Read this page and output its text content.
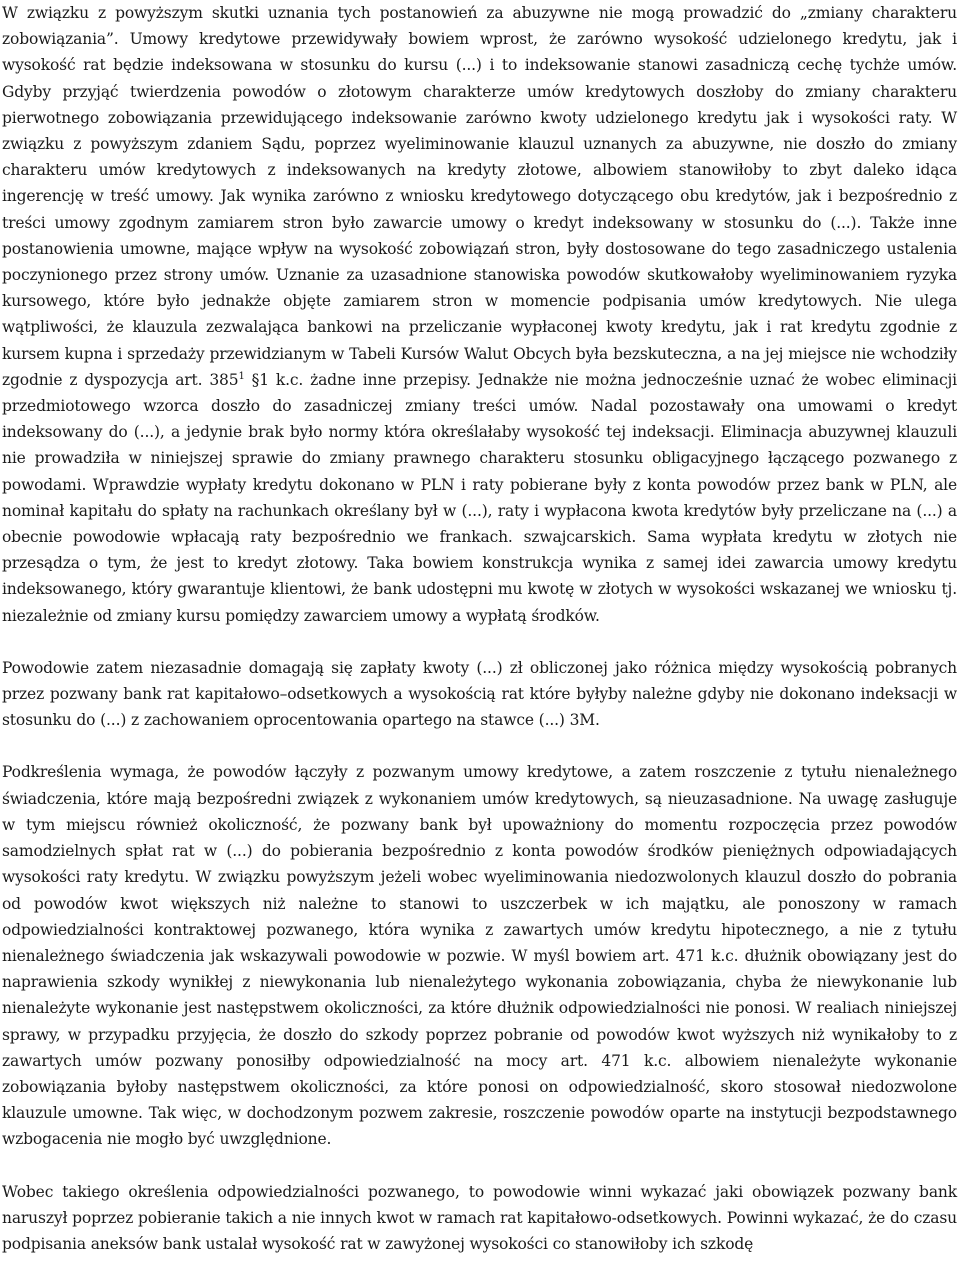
W związku z powyższym skutki uznania tych postanowień za abuzywne nie mogą prowadzić do „zmiany charakteru zobowiązania”. Umowy kredytowe przewidywały bowiem wprost, że zarówno wysokość udzielonego kredytu, jak i wysokość rat będzie indeksowana w stosunku do kursu (...) i to indeksowanie stanowi zasadniczą cechę tychże umów. Gdyby przyjąć twierdzenia powodów o złotowym charakterze umów kredytowych doszłoby do zmiany charakteru pierwotnego zobowiązania przewidującego indeksowanie zarówno kwoty udzielonego kredytu jak i wysokości raty. W związku z powyższym zdaniem Sądu, poprzez wyeliminowanie klauzul uznanych za abuzywne, nie doszło do zmiany charakteru umów kredytowych z indeksowanych na kredyty złotowe, albowiem stanowiłoby to zbyt daleko idąca ingerencję w treść umowy. Jak wynika zarówno z wniosku kredytowego dotyczącego obu kredytów, jak i bezpośrednio z treści umowy zgodnym zamiarem stron było zawarcie umowy o kredyt indeksowany w stosunku do (...). Także inne postanowienia umowne, mające wpływ na wysokość zobowiązań stron, były dostosowane do tego zasadniczego ustalenia poczynionego przez strony umów. Uznanie za uzasadnione stanowiska powodów skutkowałoby wyeliminowaniem ryzyka kursowego, które było jednakże objęte zamiarem stron w momencie podpisania umów kredytowych. Nie ulega wątpliwości, że klauzula zezwalająca bankowi na przeliczanie wypłaconej kwoty kredytu, jak i rat kredytu zgodnie z kursem kupna i sprzedaży przewidzianym w Tabeli Kursów Walut Obcych była bezskuteczna, a na jej miejsce nie wchodziły zgodnie z dyspozycja art. $385^1$ §1 k.c. żadne inne przepisy. Jednakże nie można jednocześnie uznać że wobec eliminacji przedmiotowego wzorca doszło do zasadniczej zmiany treści umów. Nadal pozostawały ona umowami o kredyt indeksowany do (...), a jedynie brak było normy która określałaby wysokość tej indeksacji. Eliminacja abuzywnej klauzuli nie prowadziła w niniejszej sprawie do zmiany prawnego charakteru stosunku obligacyjnego łączącego pozwanego z powodami. Wprawdzie wypłaty kredytu dokonano w PLN i raty pobierane były z konta powodów przez bank w PLN, ale nominał kapitału do spłaty na rachunkach określany był w (...), raty i wypłacona kwota kredytów były przeliczane na (...) a obecnie powodowie wpłacają raty bezpośrednio we frankach. szwajcarskich. Sama wypłata kredytu w złotych nie przesądza o tym, że jest to kredyt złotowy. Taka bowiem konstrukcja wynika z samej idei zawarcia umowy kredytu indeksowanego, który gwarantuje klientowi, że bank udostępni mu kwotę w złotych w wysokości wskazanej we wniosku tj. niezależnie od zmiany kursu pomiędzy zawarciem umowy a wypłatą środków.

Powodowie zatem niezasadnie domagają się zapłaty kwoty (...) zł obliczonej jako różnica między wysokością pobranych przez pozwany bank rat kapitałowo–odsetkowych a wysokością rat które byłyby należne gdyby nie dokonano indeksacji w stosunku do (...) z zachowaniem oprocentowania opartego na stawce (...) 3M.

Podkreślenia wymaga, że powodów łączyły z pozwanym umowy kredytowe, a zatem roszczenie z tytułu nienależnego świadczenia, które mają bezpośredni związek z wykonaniem umów kredytowych, są nieuzasadnione. Na uwagę zasługuje w tym miejscu również okoliczność, że pozwany bank był upoważniony do momentu rozpoczęcia przez powodów samodzielnych spłat rat w (...) do pobierania bezpośrednio z konta powodów środków pieniężnych odpowiadających wysokości raty kredytu. W związku powyższym jeżeli wobec wyeliminowania niedozwolonych klauzul doszło do pobrania od powodów kwot większych niż należne to stanowi to uszczerbek w ich majątku, ale ponoszony w ramach odpowiedzialności kontraktowej pozwanego, która wynika z zawartych umów kredytu hipotecznego, a nie z tytułu nienależnego świadczenia jak wskazywali powodowie w pozwie. W myśl bowiem art. 471 k.c. dłużnik obowiązany jest do naprawienia szkody wynikłej z niewykonania lub nienależytego wykonania zobowiązania, chyba że niewykonanie lub nienależyte wykonanie jest następstwem okoliczności, za które dłużnik odpowiedzialności nie ponosi. W realiach niniejszej sprawy, w przypadku przyjęcia, że doszło do szkody poprzez pobranie od powodów kwot wyższych niż wynikałoby to z zawartych umów pozwany ponosiłby odpowiedzialność na mocy art. 471 k.c. albowiem nienależyte wykonanie zobowiązania byłoby następstwem okoliczności, za które ponosi on odpowiedzialność, skoro stosował niedozwolone klauzule umowne. Tak więc, w dochodzonym pozwem zakresie, roszczenie powodów oparte na instytucji bezpodstawnego wzbogacenia nie mogło być uwzględnione.

Wobec takiego określenia odpowiedzialności pozwanego, to powodowie winni wykazać jaki obowiązek pozwany bank naruszył poprzez pobieranie takich a nie innych kwot w ramach rat kapitałowo-odsetkowych. Powinni wykazać, że do czasu podpisania aneksów bank ustalał wysokość rat w zawyżonej wysokości co stanowiłoby ich szkodę
